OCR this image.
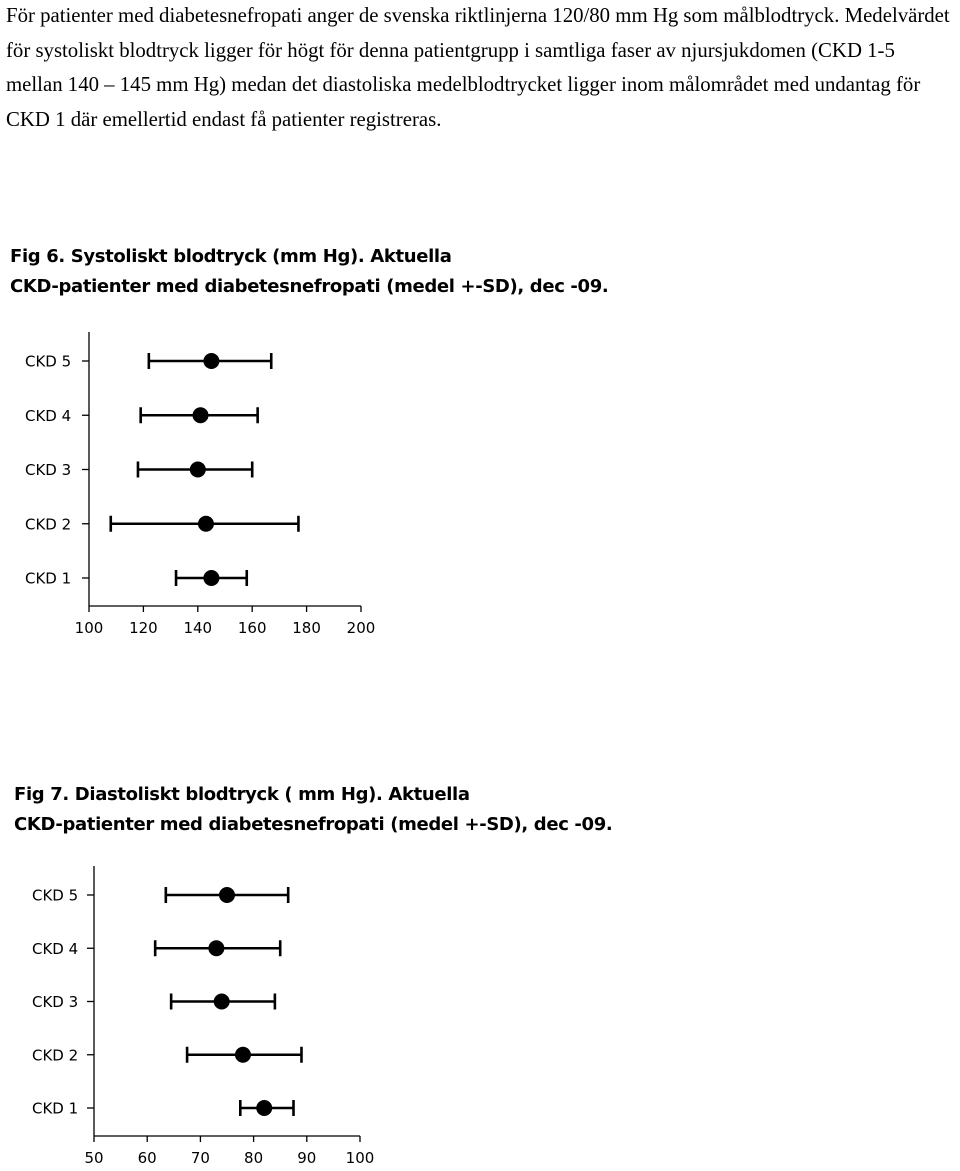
För patienter med diabetesnefropati anger de svenska riktlinjerna 120/80 mm Hg som målblodtryck. Medelvärdet för systoliskt blodtryck ligger för högt för denna patientgrupp i samtliga faser av njursjukdomen (CKD 1-5 mellan 140 – 145 mm Hg) medan det diastoliska medelblodtrycket ligger inom målområdet med undantag för CKD 1 där emellertid endast få patienter registreras.

Fig 6. Systoliskt blodtryck (mm Hg). Aktuella
CKD-patienter med diabetesnefropati (medel +-SD), dec -09.
100 120 140 160 180 200
CKD 5
CKD 4
CKD 3
CKD 2
CKD 1
Fig 7. Diastoliskt blodtryck ( mm Hg). Aktuella
CKD-patienter med diabetesnefropati (medel +-SD), dec -09.
50 60 70 80 90 100
CKD 5
CKD 4
CKD 3
CKD 2
CKD 1
